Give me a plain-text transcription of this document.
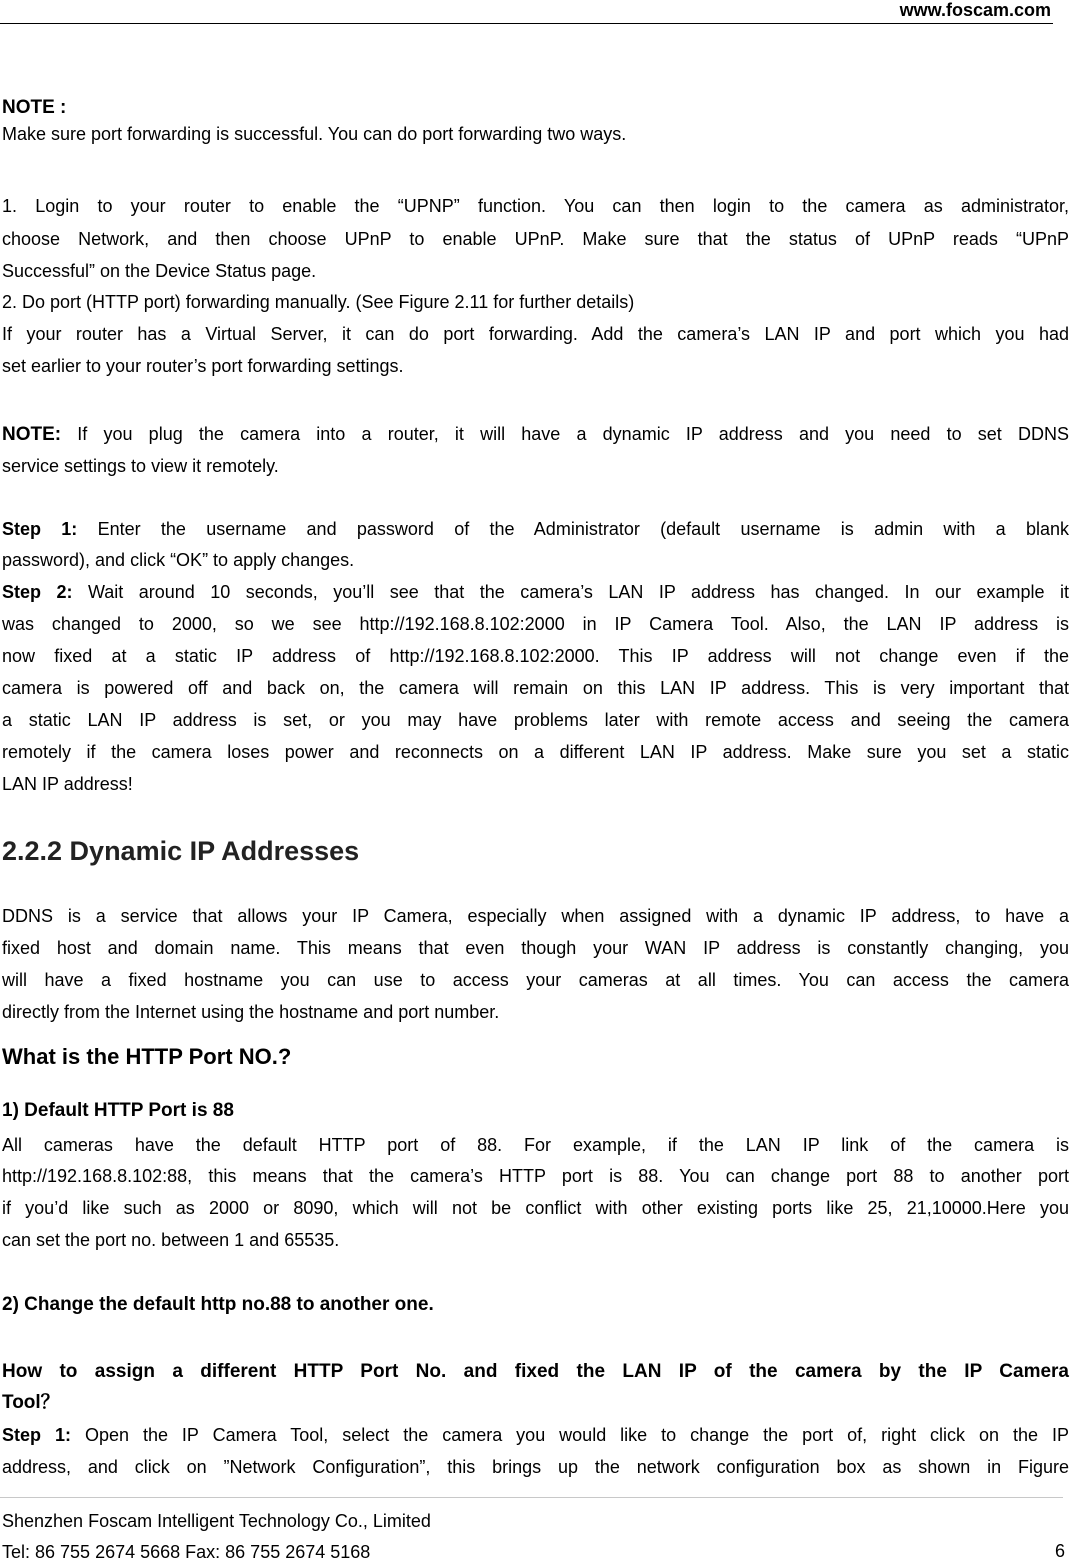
www.foscam.com
NOTE :
Make sure port forwarding is successful. You can do port forwarding two ways.
1. Login to your router to enable the “UPNP” function. You can then login to the camera as administrator,
choose Network, and then choose UPnP to enable UPnP. Make sure that the status of UPnP reads “UPnP
Successful” on the Device Status page.
2. Do port (HTTP port) forwarding manually. (See Figure 2.11 for further details)
If your router has a Virtual Server, it can do port forwarding. Add the camera’s LAN IP and port which you had
set earlier to your router’s port forwarding settings.
NOTE: If you plug the camera into a router, it will have a dynamic IP address and you need to set DDNS
service settings to view it remotely.
Step 1: Enter the username and password of the Administrator (default username is admin with a blank
password), and click “OK” to apply changes.
Step 2: Wait around 10 seconds, you’ll see that the camera’s LAN IP address has changed. In our example it
was changed to 2000, so we see http://192.168.8.102:2000 in IP Camera Tool. Also, the LAN IP address is
now fixed at a static IP address of http://192.168.8.102:2000. This IP address will not change even if the
camera is powered off and back on, the camera will remain on this LAN IP address. This is very important that
a static LAN IP address is set, or you may have problems later with remote access and seeing the camera
remotely if the camera loses power and reconnects on a different LAN IP address. Make sure you set a static
LAN IP address!
2.2.2 Dynamic IP Addresses
DDNS is a service that allows your IP Camera, especially when assigned with a dynamic IP address, to have a
fixed host and domain name. This means that even though your WAN IP address is constantly changing, you
will have a fixed hostname you can use to access your cameras at all times. You can access the camera
directly from the Internet using the hostname and port number.
What is the HTTP Port NO.?
1) Default HTTP Port is 88
All cameras have the default HTTP port of 88. For example, if the LAN IP link of the camera is
http://192.168.8.102:88, this means that the camera’s HTTP port is 88. You can change port 88 to another port
if you’d like such as 2000 or 8090, which will not be conflict with other existing ports like 25, 21,10000.Here you
can set the port no. between 1 and 65535.
2) Change the default http no.88 to another one.
How to assign a different HTTP Port No. and fixed the LAN IP of the camera by the IP Camera
Tool？
Step 1: Open the IP Camera Tool, select the camera you would like to change the port of, right click on the IP
address, and click on ”Network Configuration”, this brings up the network configuration box as shown in Figure
Shenzhen Foscam Intelligent Technology Co., Limited
Tel: 86 755 2674 5668 Fax: 86 755 2674 5168	6
